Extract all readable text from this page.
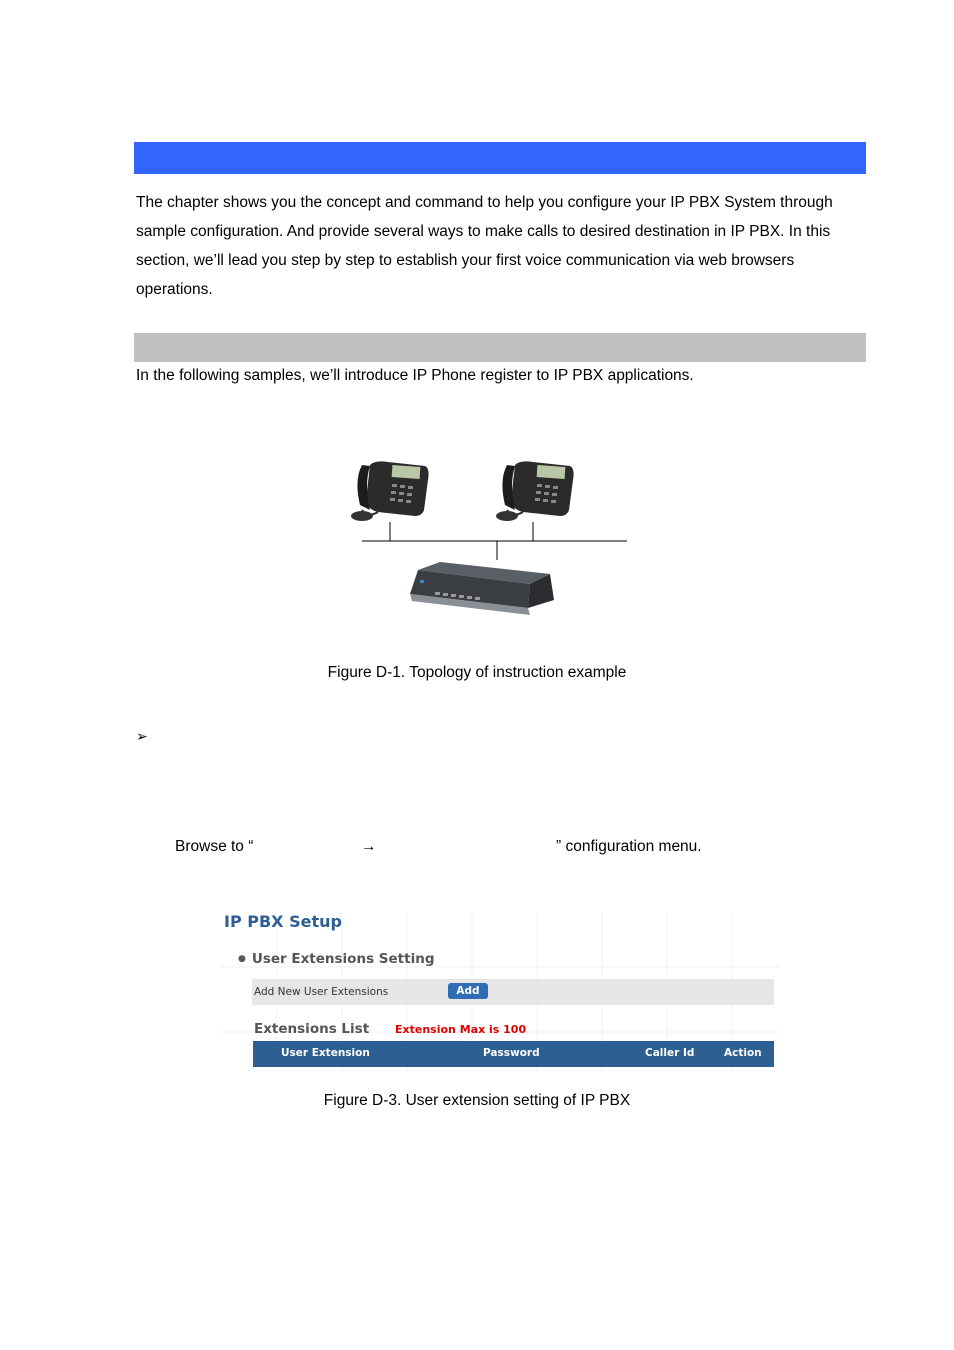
The chapter shows you the concept and command to help you configure your IP PBX System through
sample configuration. And provide several ways to make calls to desired destination in IP PBX. In this
section, we’ll lead you step by step to establish your first voice communication via web browsers
operations.
In the following samples, we’ll introduce IP Phone register to IP PBX applications.
Figure D-1. Topology of instruction example
➢
Browse to “	→	” configuration menu.
IP PBX Setup
● User Extensions Setting
Add New User Extensions	Add
Extensions List Extension Max is 100
User Extension	Password	Caller Id	Action
Figure D-3. User extension setting of IP PBX
